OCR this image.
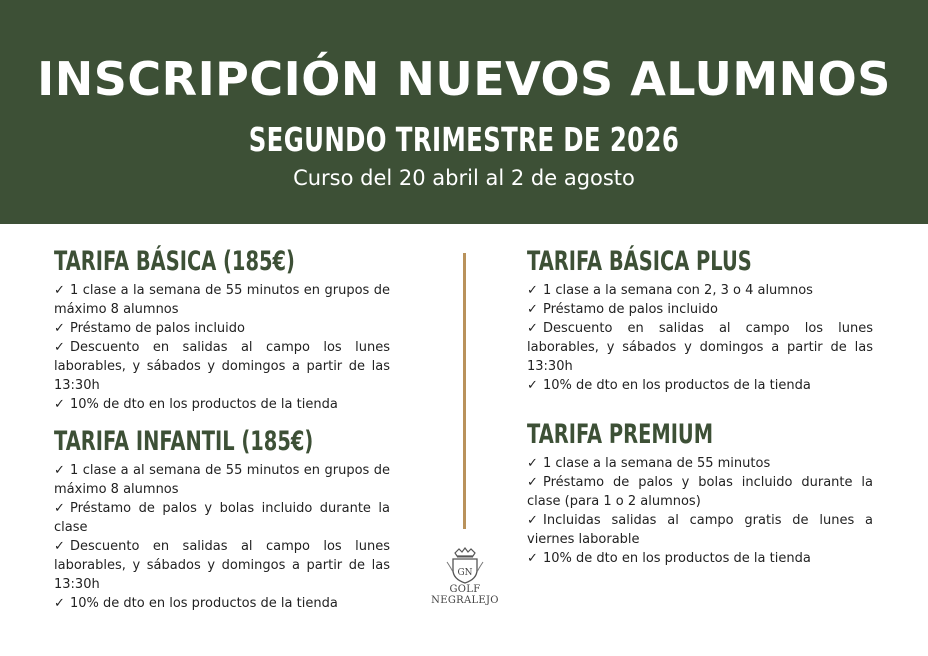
INSCRIPCIÓN NUEVOS ALUMNOS
SEGUNDO TRIMESTRE DE 2026
Curso del 20 abril al 2 de agosto
TARIFA BÁSICA (185€)
✓ 1 clase a la semana de 55 minutos en grupos de máximo 8 alumnos
✓ Préstamo de palos incluido
✓ Descuento en salidas al campo los lunes laborables, y sábados y domingos a partir de las 13:30h
✓ 10% de dto en los productos de la tienda
TARIFA INFANTIL (185€)
✓ 1 clase a al semana de 55 minutos en grupos de máximo 8 alumnos
✓ Préstamo de palos y bolas incluido durante la clase
✓ Descuento en salidas al campo los lunes laborables, y sábados y domingos a partir de las 13:30h
✓ 10% de dto en los productos de la tienda
TARIFA BÁSICA PLUS
✓ 1 clase a la semana con 2, 3 o 4 alumnos
✓ Préstamo de palos incluido
✓ Descuento en salidas al campo los lunes laborables, y sábados y domingos a partir de las 13:30h
✓ 10% de dto en los productos de la tienda
TARIFA PREMIUM
✓ 1 clase a la semana de 55 minutos
✓ Préstamo de palos y bolas incluido durante la clase (para 1 o 2 alumnos)
✓ Incluidas salidas al campo gratis de lunes a viernes laborable
✓ 10% de dto en los productos de la tienda
GN
GOLF
NEGRALEJO
